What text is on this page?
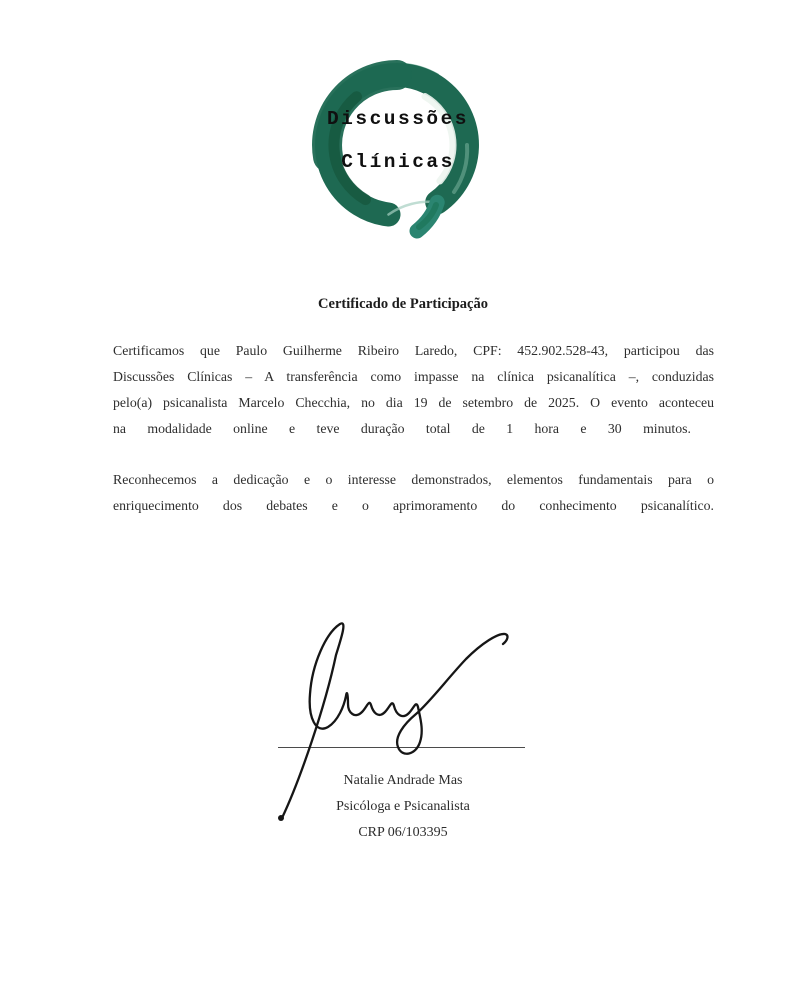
Discussões
Clínicas
Certificado de Participação
Certificamos que Paulo Guilherme Ribeiro Laredo, CPF: 452.902.528-43, participou das
Discussões Clínicas – A transferência como impasse na clínica psicanalítica –, conduzidas
pelo(a) psicanalista Marcelo Checchia, no dia 19 de setembro de 2025. O evento aconteceu
na modalidade online e teve duração total de 1 hora e 30 minutos.
Reconhecemos a dedicação e o interesse demonstrados, elementos fundamentais para o
enriquecimento dos debates e o aprimoramento do conhecimento psicanalítico.
Natalie Andrade Mas
Psicóloga e Psicanalista
CRP 06/103395
